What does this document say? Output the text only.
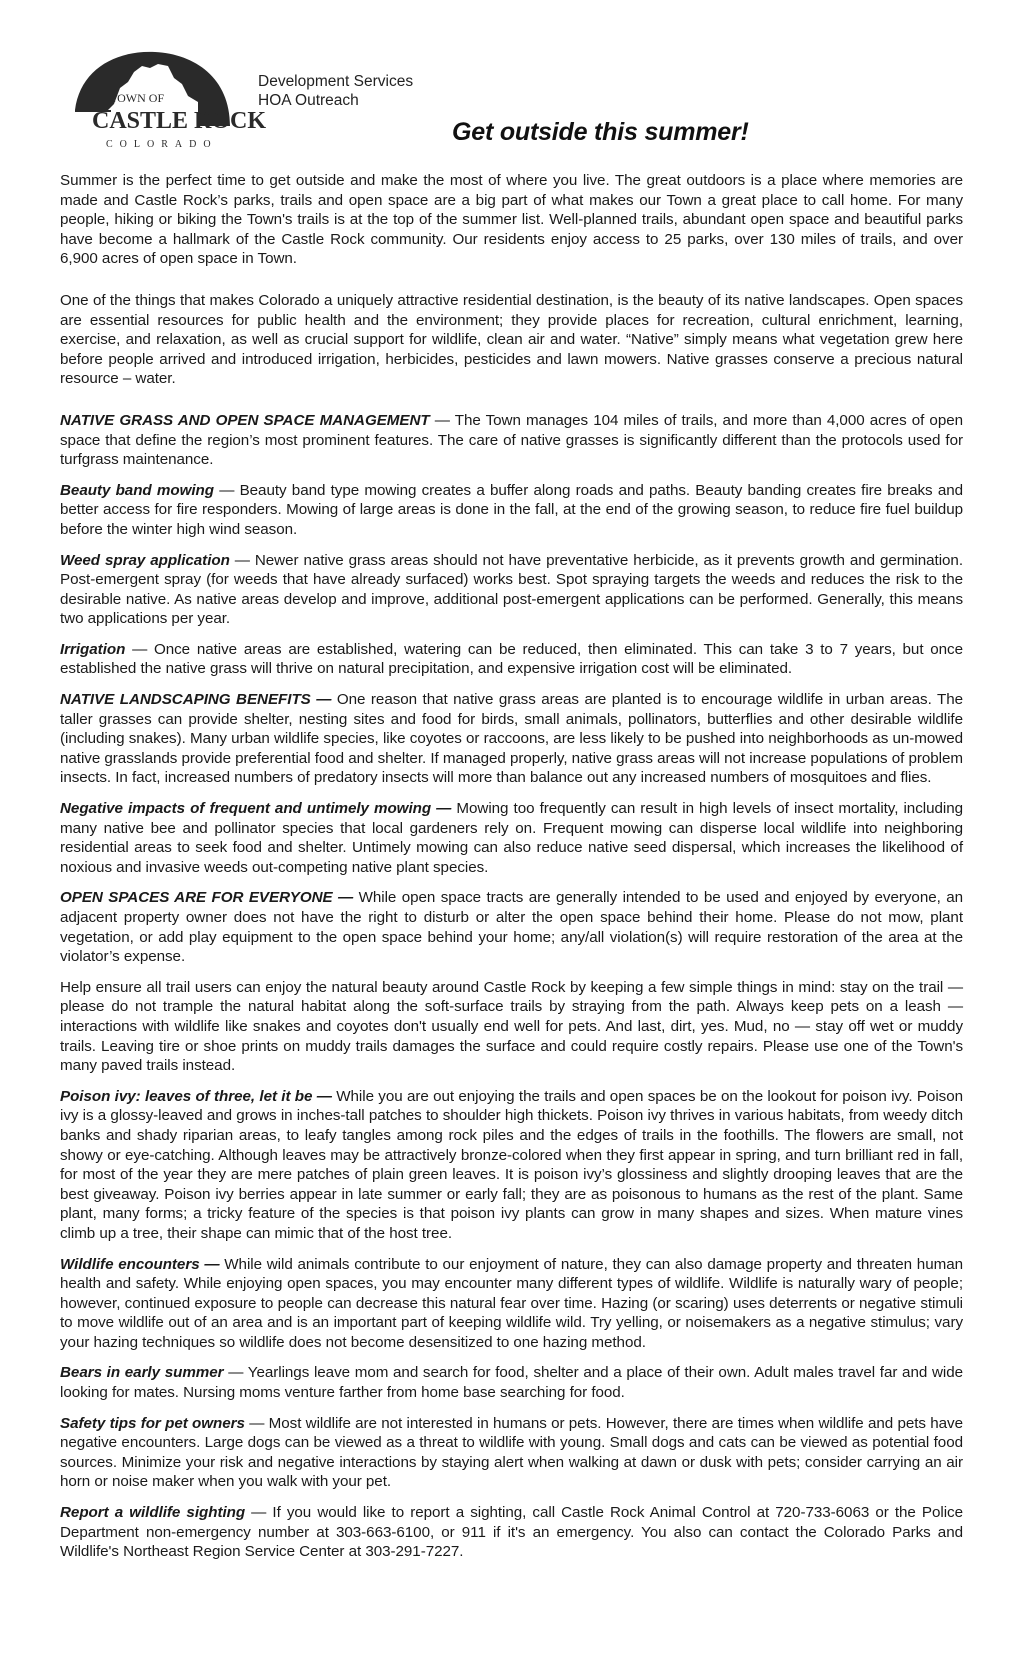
TOWN OF
CASTLE ROCK
COLORADO
Development Services
HOA Outreach
Get outside this summer!

Summer is the perfect time to get outside and make the most of where you live. The great outdoors is a place where memories are made and Castle Rock’s parks, trails and open space are a big part of what makes our Town a great place to call home. For many people, hiking or biking the Town's trails is at the top of the summer list. Well-planned trails, abundant open space and beautiful parks have become a hallmark of the Castle Rock community. Our residents enjoy access to 25 parks, over 130 miles of trails, and over 6,900 acres of open space in Town.

One of the things that makes Colorado a uniquely attractive residential destination, is the beauty of its native landscapes. Open spaces are essential resources for public health and the environment; they provide places for recreation, cultural enrichment, learning, exercise, and relaxation, as well as crucial support for wildlife, clean air and water. “Native” simply means what vegetation grew here before people arrived and introduced irrigation, herbicides, pesticides and lawn mowers. Native grasses conserve a precious natural resource – water.

NATIVE GRASS AND OPEN SPACE MANAGEMENT — The Town manages 104 miles of trails, and more than 4,000 acres of open space that define the region’s most prominent features. The care of native grasses is significantly different than the protocols used for turfgrass maintenance.

Beauty band mowing — Beauty band type mowing creates a buffer along roads and paths. Beauty banding creates fire breaks and better access for fire responders. Mowing of large areas is done in the fall, at the end of the growing season, to reduce fire fuel buildup before the winter high wind season.

Weed spray application — Newer native grass areas should not have preventative herbicide, as it prevents growth and germination. Post-emergent spray (for weeds that have already surfaced) works best. Spot spraying targets the weeds and reduces the risk to the desirable native. As native areas develop and improve, additional post-emergent applications can be performed. Generally, this means two applications per year.

Irrigation — Once native areas are established, watering can be reduced, then eliminated. This can take 3 to 7 years, but once established the native grass will thrive on natural precipitation, and expensive irrigation cost will be eliminated.

NATIVE LANDSCAPING BENEFITS — One reason that native grass areas are planted is to encourage wildlife in urban areas. The taller grasses can provide shelter, nesting sites and food for birds, small animals, pollinators, butterflies and other desirable wildlife (including snakes). Many urban wildlife species, like coyotes or raccoons, are less likely to be pushed into neighborhoods as un-mowed native grasslands provide preferential food and shelter. If managed properly, native grass areas will not increase populations of problem insects. In fact, increased numbers of predatory insects will more than balance out any increased numbers of mosquitoes and flies.

Negative impacts of frequent and untimely mowing — Mowing too frequently can result in high levels of insect mortality, including many native bee and pollinator species that local gardeners rely on. Frequent mowing can disperse local wildlife into neighboring residential areas to seek food and shelter. Untimely mowing can also reduce native seed dispersal, which increases the likelihood of noxious and invasive weeds out-competing native plant species.

OPEN SPACES ARE FOR EVERYONE — While open space tracts are generally intended to be used and enjoyed by everyone, an adjacent property owner does not have the right to disturb or alter the open space behind their home. Please do not mow, plant vegetation, or add play equipment to the open space behind your home; any/all violation(s) will require restoration of the area at the violator’s expense.

Help ensure all trail users can enjoy the natural beauty around Castle Rock by keeping a few simple things in mind: stay on the trail — please do not trample the natural habitat along the soft-surface trails by straying from the path. Always keep pets on a leash — interactions with wildlife like snakes and coyotes don't usually end well for pets. And last, dirt, yes. Mud, no — stay off wet or muddy trails. Leaving tire or shoe prints on muddy trails damages the surface and could require costly repairs. Please use one of the Town's many paved trails instead.

Poison ivy: leaves of three, let it be — While you are out enjoying the trails and open spaces be on the lookout for poison ivy. Poison ivy is a glossy-leaved and grows in inches-tall patches to shoulder high thickets. Poison ivy thrives in various habitats, from weedy ditch banks and shady riparian areas, to leafy tangles among rock piles and the edges of trails in the foothills. The flowers are small, not showy or eye-catching. Although leaves may be attractively bronze-colored when they first appear in spring, and turn brilliant red in fall, for most of the year they are mere patches of plain green leaves. It is poison ivy’s glossiness and slightly drooping leaves that are the best giveaway. Poison ivy berries appear in late summer or early fall; they are as poisonous to humans as the rest of the plant. Same plant, many forms; a tricky feature of the species is that poison ivy plants can grow in many shapes and sizes. When mature vines climb up a tree, their shape can mimic that of the host tree.

Wildlife encounters — While wild animals contribute to our enjoyment of nature, they can also damage property and threaten human health and safety. While enjoying open spaces, you may encounter many different types of wildlife. Wildlife is naturally wary of people; however, continued exposure to people can decrease this natural fear over time. Hazing (or scaring) uses deterrents or negative stimuli to move wildlife out of an area and is an important part of keeping wildlife wild. Try yelling, or noisemakers as a negative stimulus; vary your hazing techniques so wildlife does not become desensitized to one hazing method.

Bears in early summer — Yearlings leave mom and search for food, shelter and a place of their own. Adult males travel far and wide looking for mates. Nursing moms venture farther from home base searching for food.

Safety tips for pet owners — Most wildlife are not interested in humans or pets. However, there are times when wildlife and pets have negative encounters. Large dogs can be viewed as a threat to wildlife with young. Small dogs and cats can be viewed as potential food sources. Minimize your risk and negative interactions by staying alert when walking at dawn or dusk with pets; consider carrying an air horn or noise maker when you walk with your pet.

Report a wildlife sighting — If you would like to report a sighting, call Castle Rock Animal Control at 720-733-6063 or the Police Department non-emergency number at 303-663-6100, or 911 if it's an emergency. You also can contact the Colorado Parks and Wildlife's Northeast Region Service Center at 303-291-7227.
